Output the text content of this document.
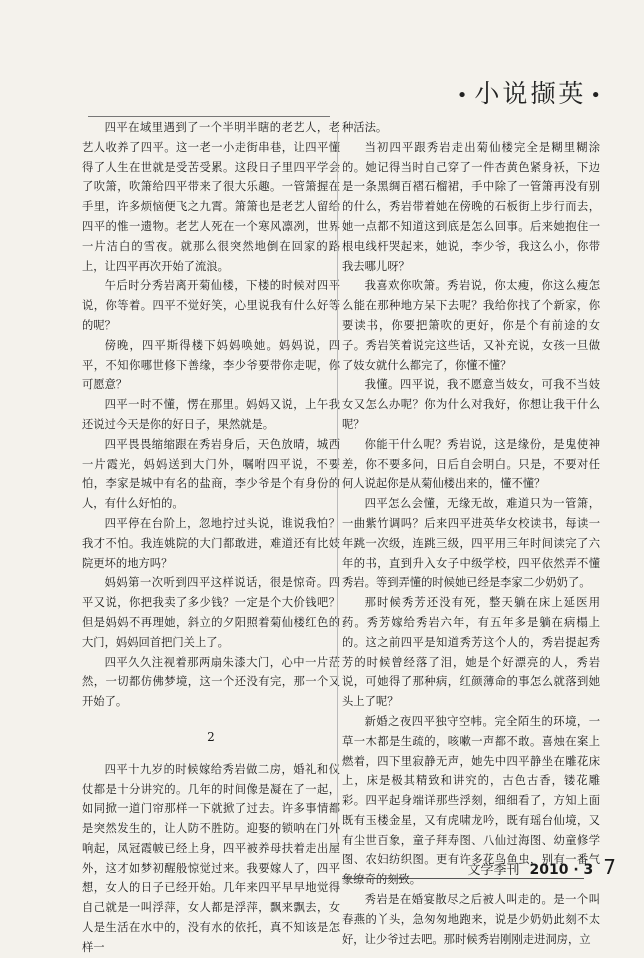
• 小说撷英 •

四平在域里遇到了一个半明半瞎的老艺人，老艺人收养了四平。这一老一小走街串巷，让四平懂得了人生在世就是受苦受累。这段日子里四平学会了吹箫，吹箫给四平带来了很大乐趣。一管箫握在手里，许多烦恼便飞之九霄。箫箫也是老艺人留给四平的惟一遗物。老艺人死在一个寒风凛冽，世界一片洁白的雪夜。就那么很突然地倒在回家的路上，让四平再次开始了流浪。

午后时分秀岩离开菊仙楼，下楼的时候对四平说，你等着。四平不觉好笑，心里说我有什么好等的呢？

傍晚，四平斯得楼下妈妈唤她。妈妈说，四平，不知你哪世修下善缘，李少爷要带你走呢，你可愿意？

四平一时不懂，愣在那里。妈妈又说，上午我还说过今天是你的好日子，果然就是。

四平畏畏缩缩跟在秀岩身后，天色放晴，城西一片霞光，妈妈送到大门外，嘱咐四平说，不要怕，李家是城中有名的盐商，李少爷是个有身份的人，有什么好怕的。

四平停在台阶上，忽地拧过头说，谁说我怕？我才不怕。我连姚院的大门都敢进，难道还有比妓院更坏的地方吗？

妈妈第一次听到四平这样说话，很是惊奇。四平又说，你把我卖了多少钱？一定是个大价钱吧？但是妈妈不再理她，斜立的夕阳照着菊仙楼红色的大门，妈妈回首把门关上了。

四平久久注视着那两扇朱漆大门，心中一片茫然，一切都仿佛梦境，这一个还没有完，那一个又开始了。

2

四平十九岁的时候嫁给秀岩做二房，婚礼和仪仗都是十分讲究的。几年的时间像是凝在了一起，如同掀一道门帘那样一下就掀了过去。许多事情都是突然发生的，让人防不胜防。迎娶的锁呐在门外响起，凤冠霞帔已经上身，四平被养母扶着走出屋外，这才如梦初醒般惊觉过来。我要嫁人了，四平想，女人的日子已经开始。几年来四平早早地觉得自己就是一叫浮萍，女人都是浮萍，飘来飘去，女人是生活在水中的，没有水的依托，真不知该是怎样一

种活法。

当初四平跟秀岩走出菊仙楼完全是糊里糊涂的。她记得当时自己穿了一件杏黄色紧身袄，下边是一条黑绸百褶石榴裙，手中除了一管箫再没有别的什么，秀岩带着她在傍晚的石板街上步行而去，她一点都不知道这到底是怎么回事。后来她抱住一根电线杆哭起来，她说，李少爷，我这么小，你带我去哪儿呀？

我喜欢你吹箫。秀岩说，你太瘦，你这么瘦怎么能在那种地方呆下去呢？我给你找了个新家，你要读书，你要把箫吹的更好，你是个有前途的女子。秀岩笑着说完这些话，又补充说，女孩一旦做了妓女就什么都完了，你懂不懂？

我懂。四平说，我不愿意当妓女，可我不当妓女又怎么办呢？你为什么对我好，你想让我干什么呢？

你能干什么呢？秀岩说，这是缘份，是鬼使神差，你不要多问，日后自会明白。只是，不要对任何人说起你是从菊仙楼出来的，懂不懂？

四平怎么会懂，无缘无故，难道只为一管箫，一曲紫竹调吗？后来四平进英华女校读书，每读一年跳一次级，连跳三级，四平用三年时间读完了六年的书，直到升入女子中级学校，四平依然弄不懂秀岩。等到弄懂的时候她已经是李家二少奶奶了。

那时候秀芳还没有死，整天躺在床上延医用药。秀芳嫁给秀岩六年，有五年多是躺在病榻上的。这之前四平是知道秀芳这个人的，秀岩提起秀芳的时候曾经落了泪，她是个好漂亮的人，秀岩说，可她得了那种病，红颜薄命的事怎么就落到她头上了呢？

新婚之夜四平独守空帏。完全陌生的环境，一草一木都是生疏的，咳嗽一声都不敢。喜烛在案上燃着，四下里寂静无声，她先中四平静坐在雕花床上，床是极其精致和讲究的，古色古香，镂花雕彩。四平起身端详那些浮刻，细细看了，方知上面既有玉楼金星，又有虎啸龙吟，既有瑶台仙境，又有尘世百象，童子拜寿图、八仙过海图、幼童修学图、农妇纺织图。更有许多花鸟鱼虫，别有一番气象缭奇的刻致。

秀岩是在婚宴散尽之后被人叫走的。是一个叫春燕的丫头，急匆匆地跑来，说是少奶奶此刻不太好，让少爷过去吧。那时候秀岩刚刚走进洞房，立

文学季刊 2010 · 3 7
